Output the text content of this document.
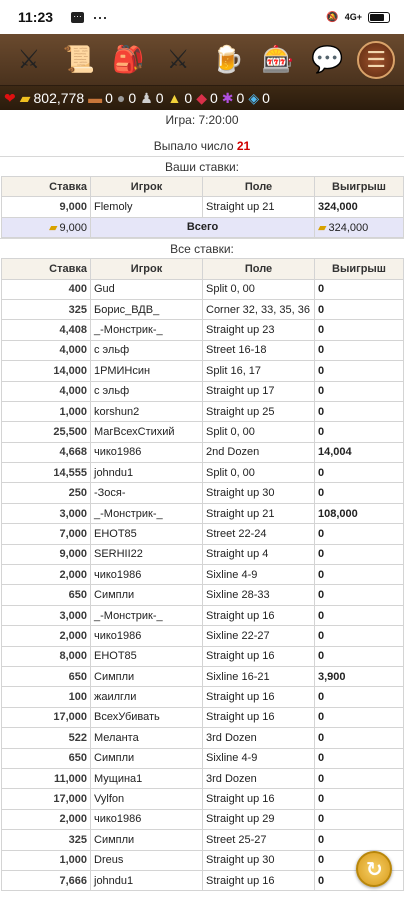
11:23 … ···	🔕 4G+
⚔ 📜 🎒 ⚔ 🍺 🎰 💬	☰
❤ ▰ 802,778 ▬ 0 ● 0 ♟ 0 ▲ 0 ◆ 0 ✱ 0 ◈ 0
Игра: 7:20:00
Выпало число 21
Ваши ставки:
Ставка	Игрок	Поле	Выигрыш
9,000	Flemoly	Straight up 21	324,000
▰ 9,000	Всего		▰ 324,000
Все ставки:
Ставка	Игрок	Поле	Выигрыш
400	Gud	Split 0, 00	0
325	Борис_ВДВ_	Corner 32, 33, 35, 36	0
4,408	_-Монстрик-_	Straight up 23	0
4,000	с эльф	Street 16-18	0
14,000	1РМИНсин	Split 16, 17	0
4,000	с эльф	Straight up 17	0
1,000	korshun2	Straight up 25	0
25,500	МагВсехСтихий	Split 0, 00	0
4,668	чико1986	2nd Dozen	14,004
14,555	johndu1	Split 0, 00	0
250	-Зося-	Straight up 30	0
3,000	_-Монстрик-_	Straight up 21	108,000
7,000	ЕНОТ85	Street 22-24	0
9,000	SERHII22	Straight up 4	0
2,000	чико1986	Sixline 4-9	0
650	Симпли	Sixline 28-33	0
3,000	_-Монстрик-_	Straight up 16	0
2,000	чико1986	Sixline 22-27	0
8,000	ЕНОТ85	Straight up 16	0
650	Симпли	Sixline 16-21	3,900
100	жаилгли	Straight up 16	0
17,000	ВсехУбивать	Straight up 16	0
522	Меланта	3rd Dozen	0
650	Симпли	Sixline 4-9	0
11,000	Мущина1	3rd Dozen	0
17,000	Vylfon	Straight up 16	0
2,000	чико1986	Straight up 29	0
325	Симпли	Street 25-27	0
1,000	Dreus	Straight up 30	0
7,666	johndu1	Straight up 16	0
↺
